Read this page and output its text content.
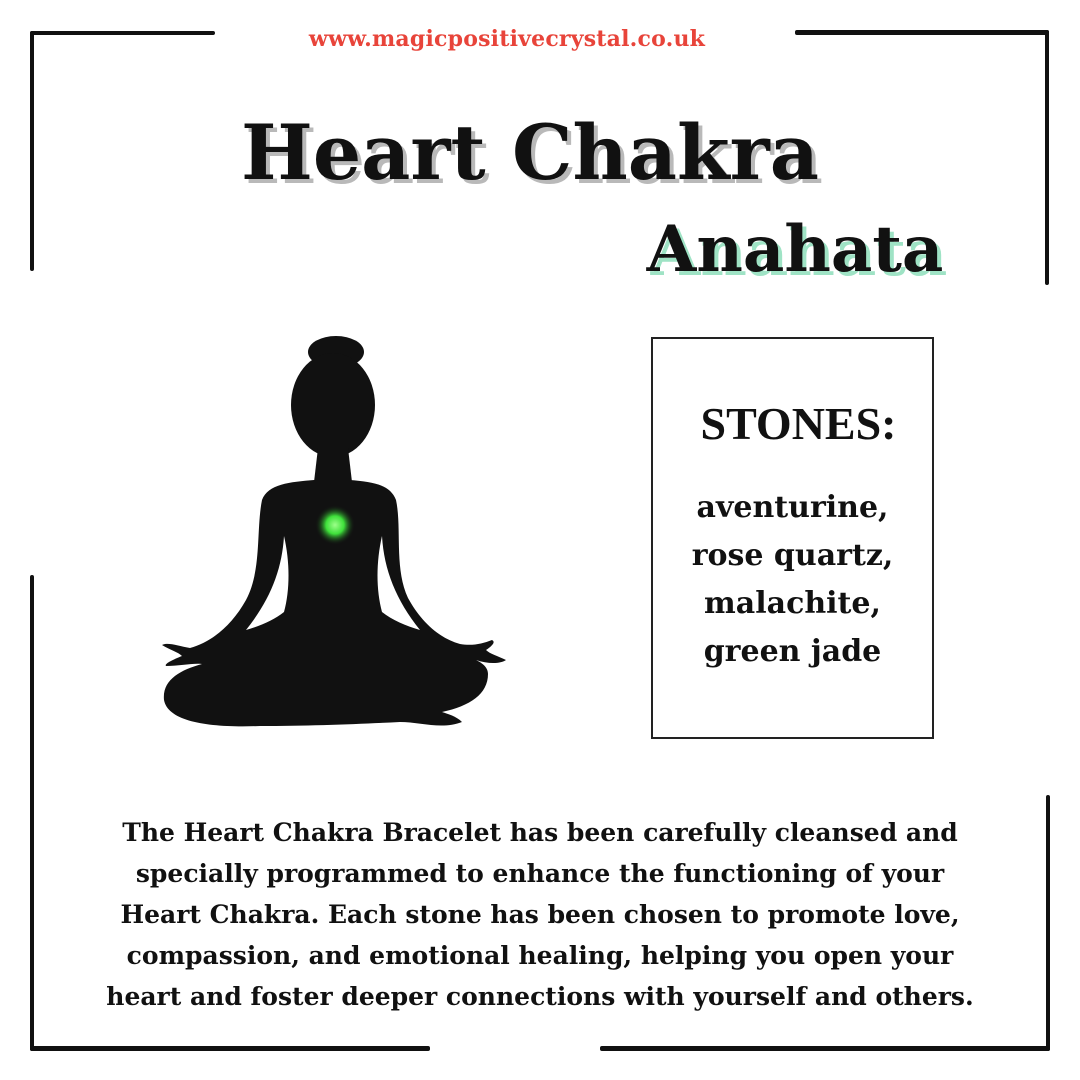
www.magicpositivecrystal.co.uk
Heart Chakra
Anahata
STONES:
aventurine,
rose quartz,
malachite,
green jade

The Heart Chakra Bracelet has been carefully cleansed and
specially programmed to enhance the functioning of your
Heart Chakra. Each stone has been chosen to promote love,
compassion, and emotional healing, helping you open your
heart and foster deeper connections with yourself and others.
